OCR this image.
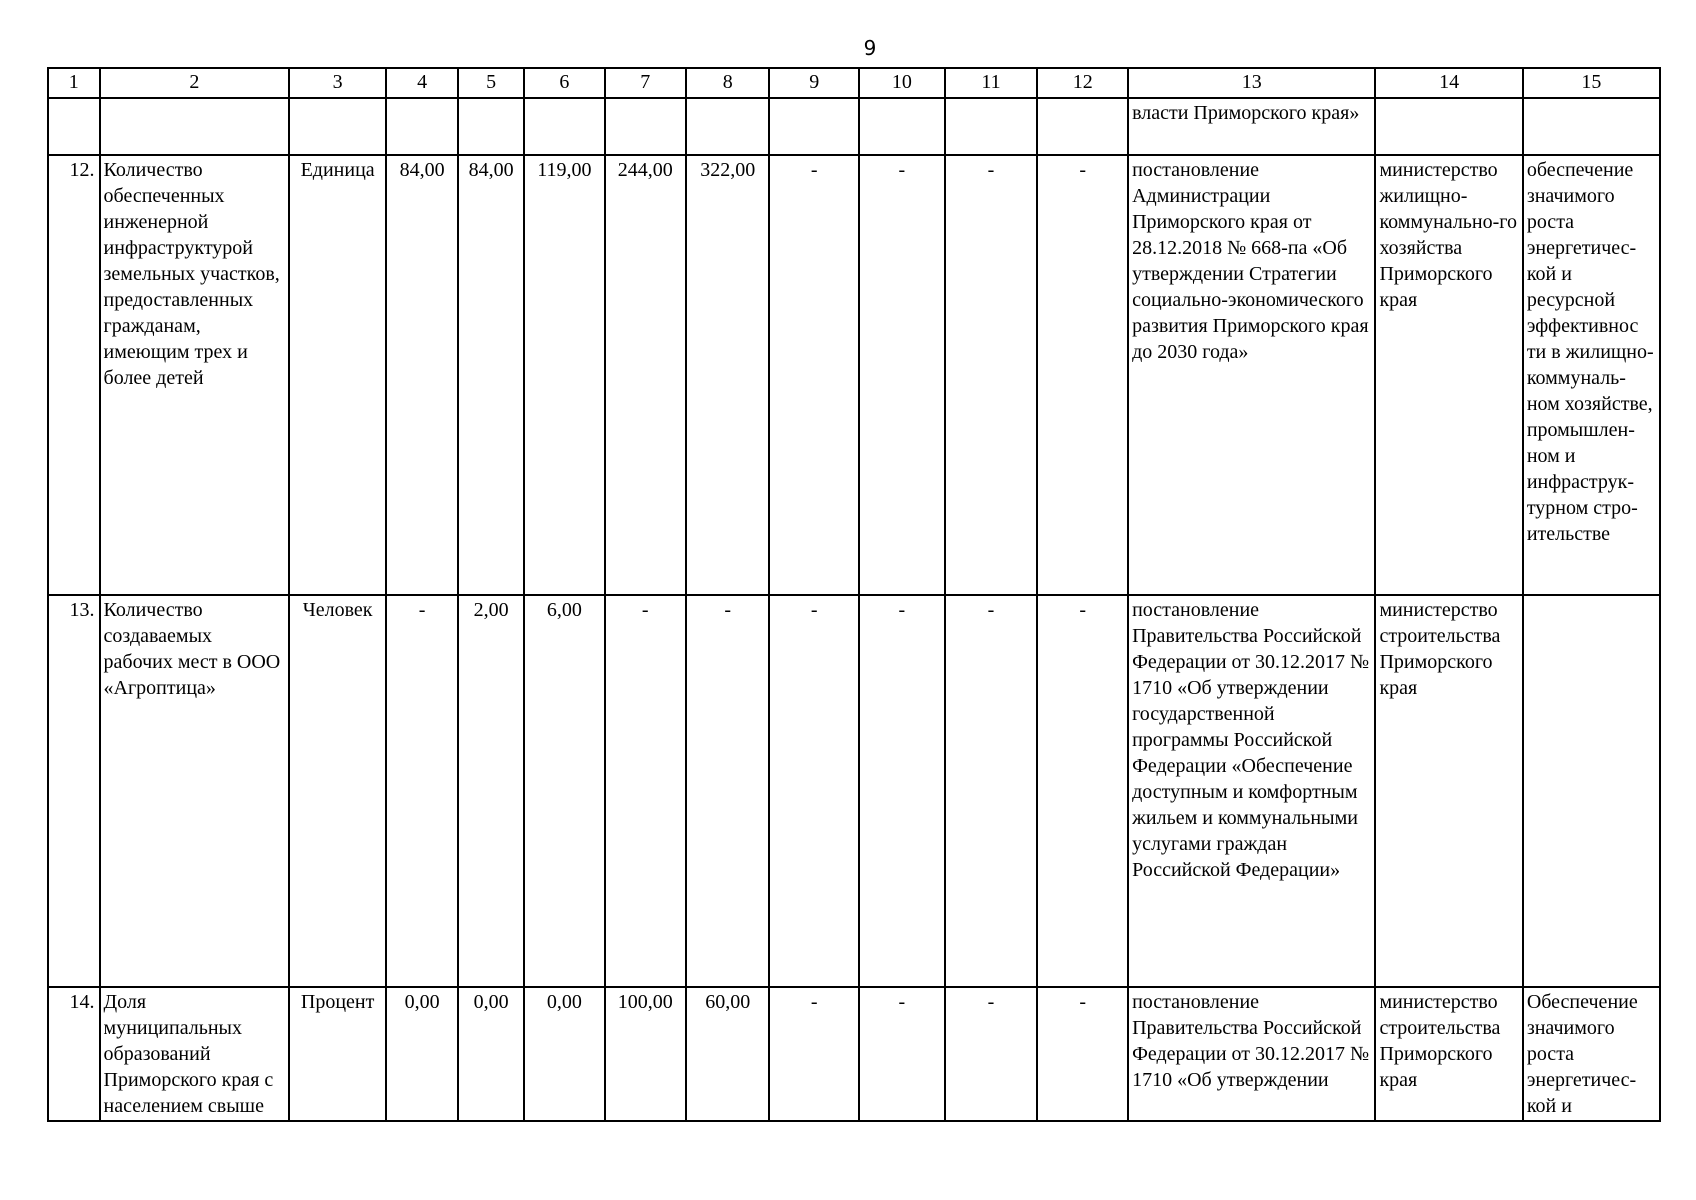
9
1	2	3	4	5	6	7	8	9	10	11	12	13	14	15
												власти Приморского края»		
12.	Количество обеспеченных инженерной инфраструктурой земельных участков, предоставленных гражданам, имеющим трех и более детей	Единица	84,00	84,00	119,00	244,00	322,00	-	-	-	-	постановление Администрации Приморского края от 28.12.2018 № 668-па «Об утверждении Стратегии социально-экономического развития Приморского края до 2030 года»	министерство жилищно-коммунально-го хозяйства Приморского края	обеспечение значимого роста энергетичес-кой и ресурсной эффективнос ти в жилищно-коммуналь-ном хозяйстве, промышлен-ном и инфраструк-турном стро-ительстве
13.	Количество создаваемых рабочих мест в ООО «Агроптица»	Человек	-	2,00	6,00	-	-	-	-	-	-	постановление Правительства Российской Федерации от 30.12.2017 № 1710 «Об утверждении государственной программы Российской Федерации «Обеспечение доступным и комфортным жильем и коммунальными услугами граждан Российской Федерации»	министерство строительства Приморского края	
14.	Доля муниципальных образований Приморского края с населением свыше	Процент	0,00	0,00	0,00	100,00	60,00	-	-	-	-	постановление Правительства Российской Федерации от 30.12.2017 № 1710 «Об утверждении	министерство строительства Приморского края	Обеспечение значимого роста энергетичес-кой и
